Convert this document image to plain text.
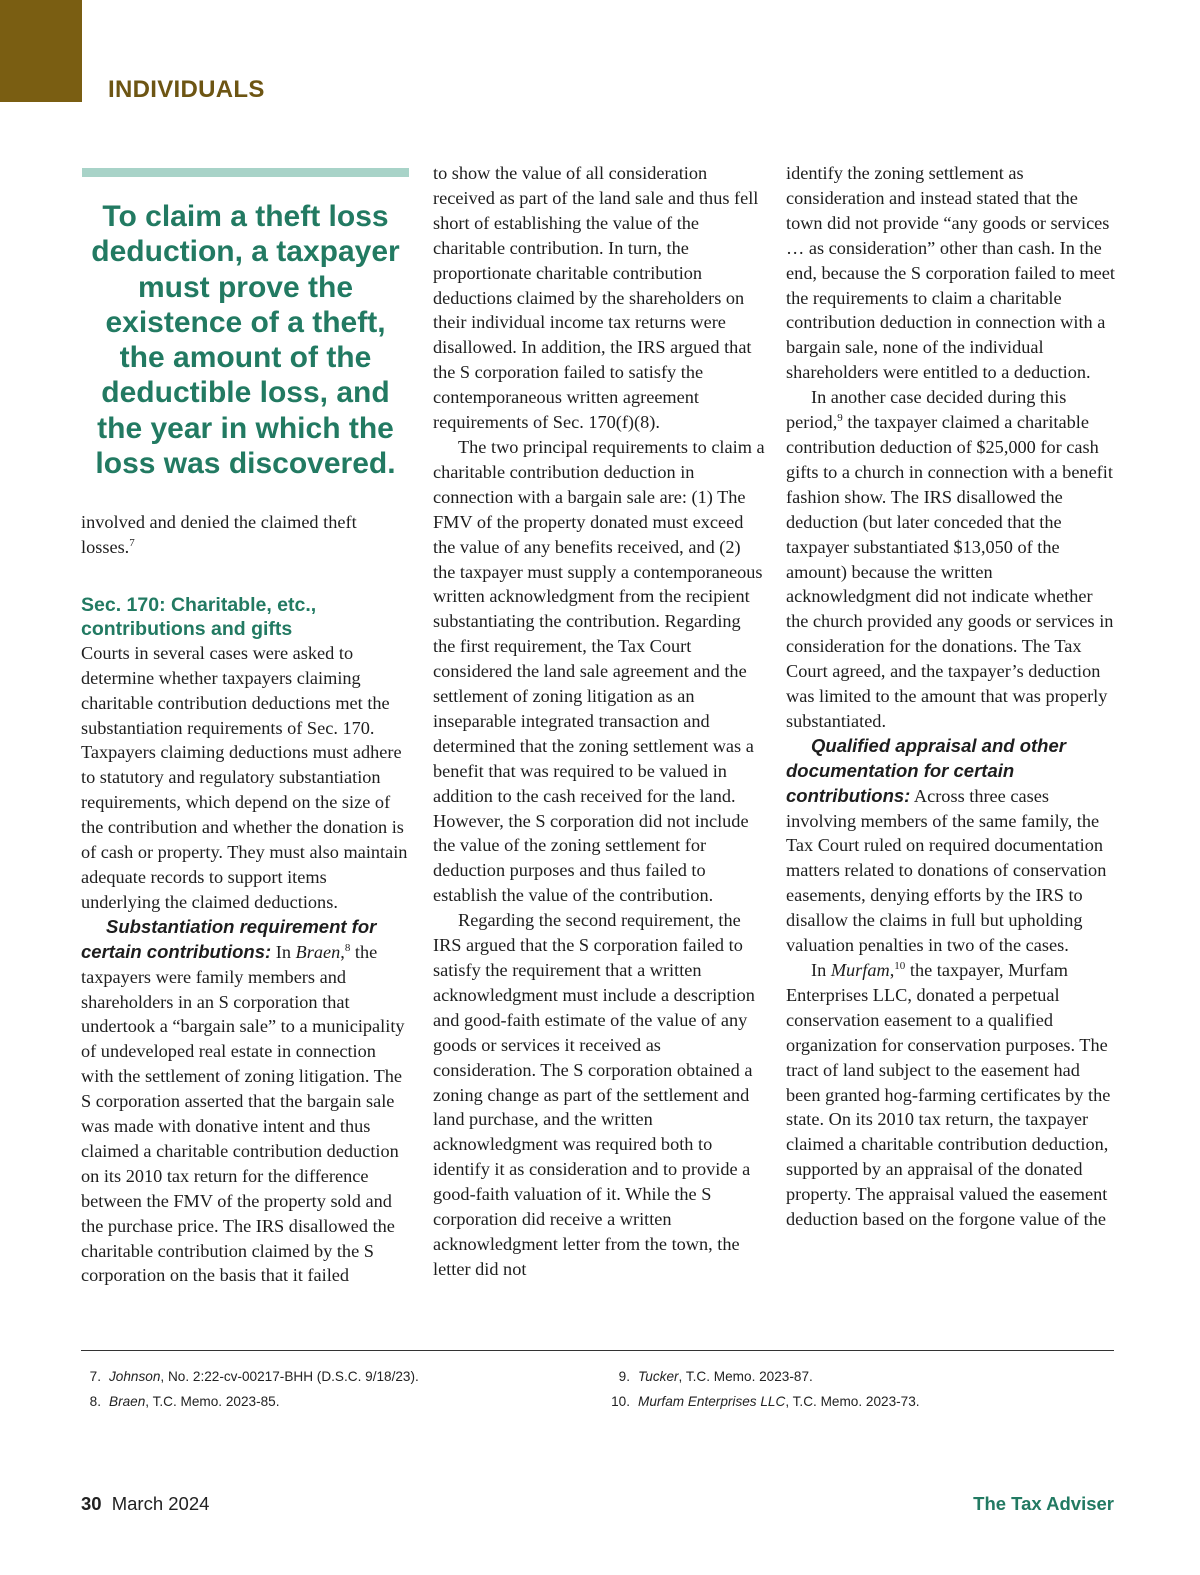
INDIVIDUALS
To claim a theft loss deduction, a taxpayer must prove the existence of a theft, the amount of the deductible loss, and the year in which the loss was discovered.

involved and denied the claimed theft losses.$^7$

Sec. 170: Charitable, etc., contributions and gifts

Courts in several cases were asked to determine whether taxpayers claiming charitable contribution deductions met the substantiation requirements of Sec. 170. Taxpayers claiming deductions must adhere to statutory and regulatory substantiation requirements, which depend on the size of the contribution and whether the donation is of cash or property. They must also maintain adequate records to support items underlying the claimed deductions.

Substantiation requirement for certain contributions: In Braen,$^8$ the taxpayers were family members and shareholders in an S corporation that undertook a “bargain sale” to a municipality of undeveloped real estate in connection with the settlement of zoning litigation. The S corporation asserted that the bargain sale was made with donative intent and thus claimed a charitable contribution deduction on its 2010 tax return for the difference between the FMV of the property sold and the purchase price. The IRS disallowed the charitable contribution claimed by the S corporation on the basis that it failed

to show the value of all consideration received as part of the land sale and thus fell short of establishing the value of the charitable contribution. In turn, the proportionate charitable contribution deductions claimed by the shareholders on their individual income tax returns were disallowed. In addition, the IRS argued that the S corporation failed to satisfy the contemporaneous written agreement requirements of Sec. 170(f)(8).

The two principal requirements to claim a charitable contribution deduction in connection with a bargain sale are: (1) The FMV of the property donated must exceed the value of any benefits received, and (2) the taxpayer must supply a contemporaneous written acknowledgment from the recipient substantiating the contribution. Regarding the first requirement, the Tax Court considered the land sale agreement and the settlement of zoning litigation as an inseparable integrated transaction and determined that the zoning settlement was a benefit that was required to be valued in addition to the cash received for the land. However, the S corporation did not include the value of the zoning settlement for deduction purposes and thus failed to establish the value of the contribution.

Regarding the second requirement, the IRS argued that the S corporation failed to satisfy the requirement that a written acknowledgment must include a description and good-faith estimate of the value of any goods or services it received as consideration. The S corporation obtained a zoning change as part of the settlement and land purchase, and the written acknowledgment was required both to identify it as consideration and to provide a good-faith valuation of it. While the S corporation did receive a written acknowledgment letter from the town, the letter did not

identify the zoning settlement as consideration and instead stated that the town did not provide “any goods or services … as consideration” other than cash. In the end, because the S corporation failed to meet the requirements to claim a charitable contribution deduction in connection with a bargain sale, none of the individual shareholders were entitled to a deduction.

In another case decided during this period,$^9$ the taxpayer claimed a charitable contribution deduction of $25,000 for cash gifts to a church in connection with a benefit fashion show. The IRS disallowed the deduction (but later conceded that the taxpayer substantiated $13,050 of the amount) because the written acknowledgment did not indicate whether the church provided any goods or services in consideration for the donations. The Tax Court agreed, and the taxpayer’s deduction was limited to the amount that was properly substantiated.

Qualified appraisal and other documentation for certain contributions: Across three cases involving members of the same family, the Tax Court ruled on required documentation matters related to donations of conservation easements, denying efforts by the IRS to disallow the claims in full but upholding valuation penalties in two of the cases.

In Murfam,$^{10}$ the taxpayer, Murfam Enterprises LLC, donated a perpetual conservation easement to a qualified organization for conservation purposes. The tract of land subject to the easement had been granted hog-farming certificates by the state. On its 2010 tax return, the taxpayer claimed a charitable contribution deduction, supported by an appraisal of the donated property. The appraisal valued the easement deduction based on the forgone value of the

7. Johnson, No. 2:22-cv-00217-BHH (D.S.C. 9/18/23).
8. Braen, T.C. Memo. 2023-85.
9. Tucker, T.C. Memo. 2023-87.
10. Murfam Enterprises LLC, T.C. Memo. 2023-73.
30 March 2024	The Tax Adviser
